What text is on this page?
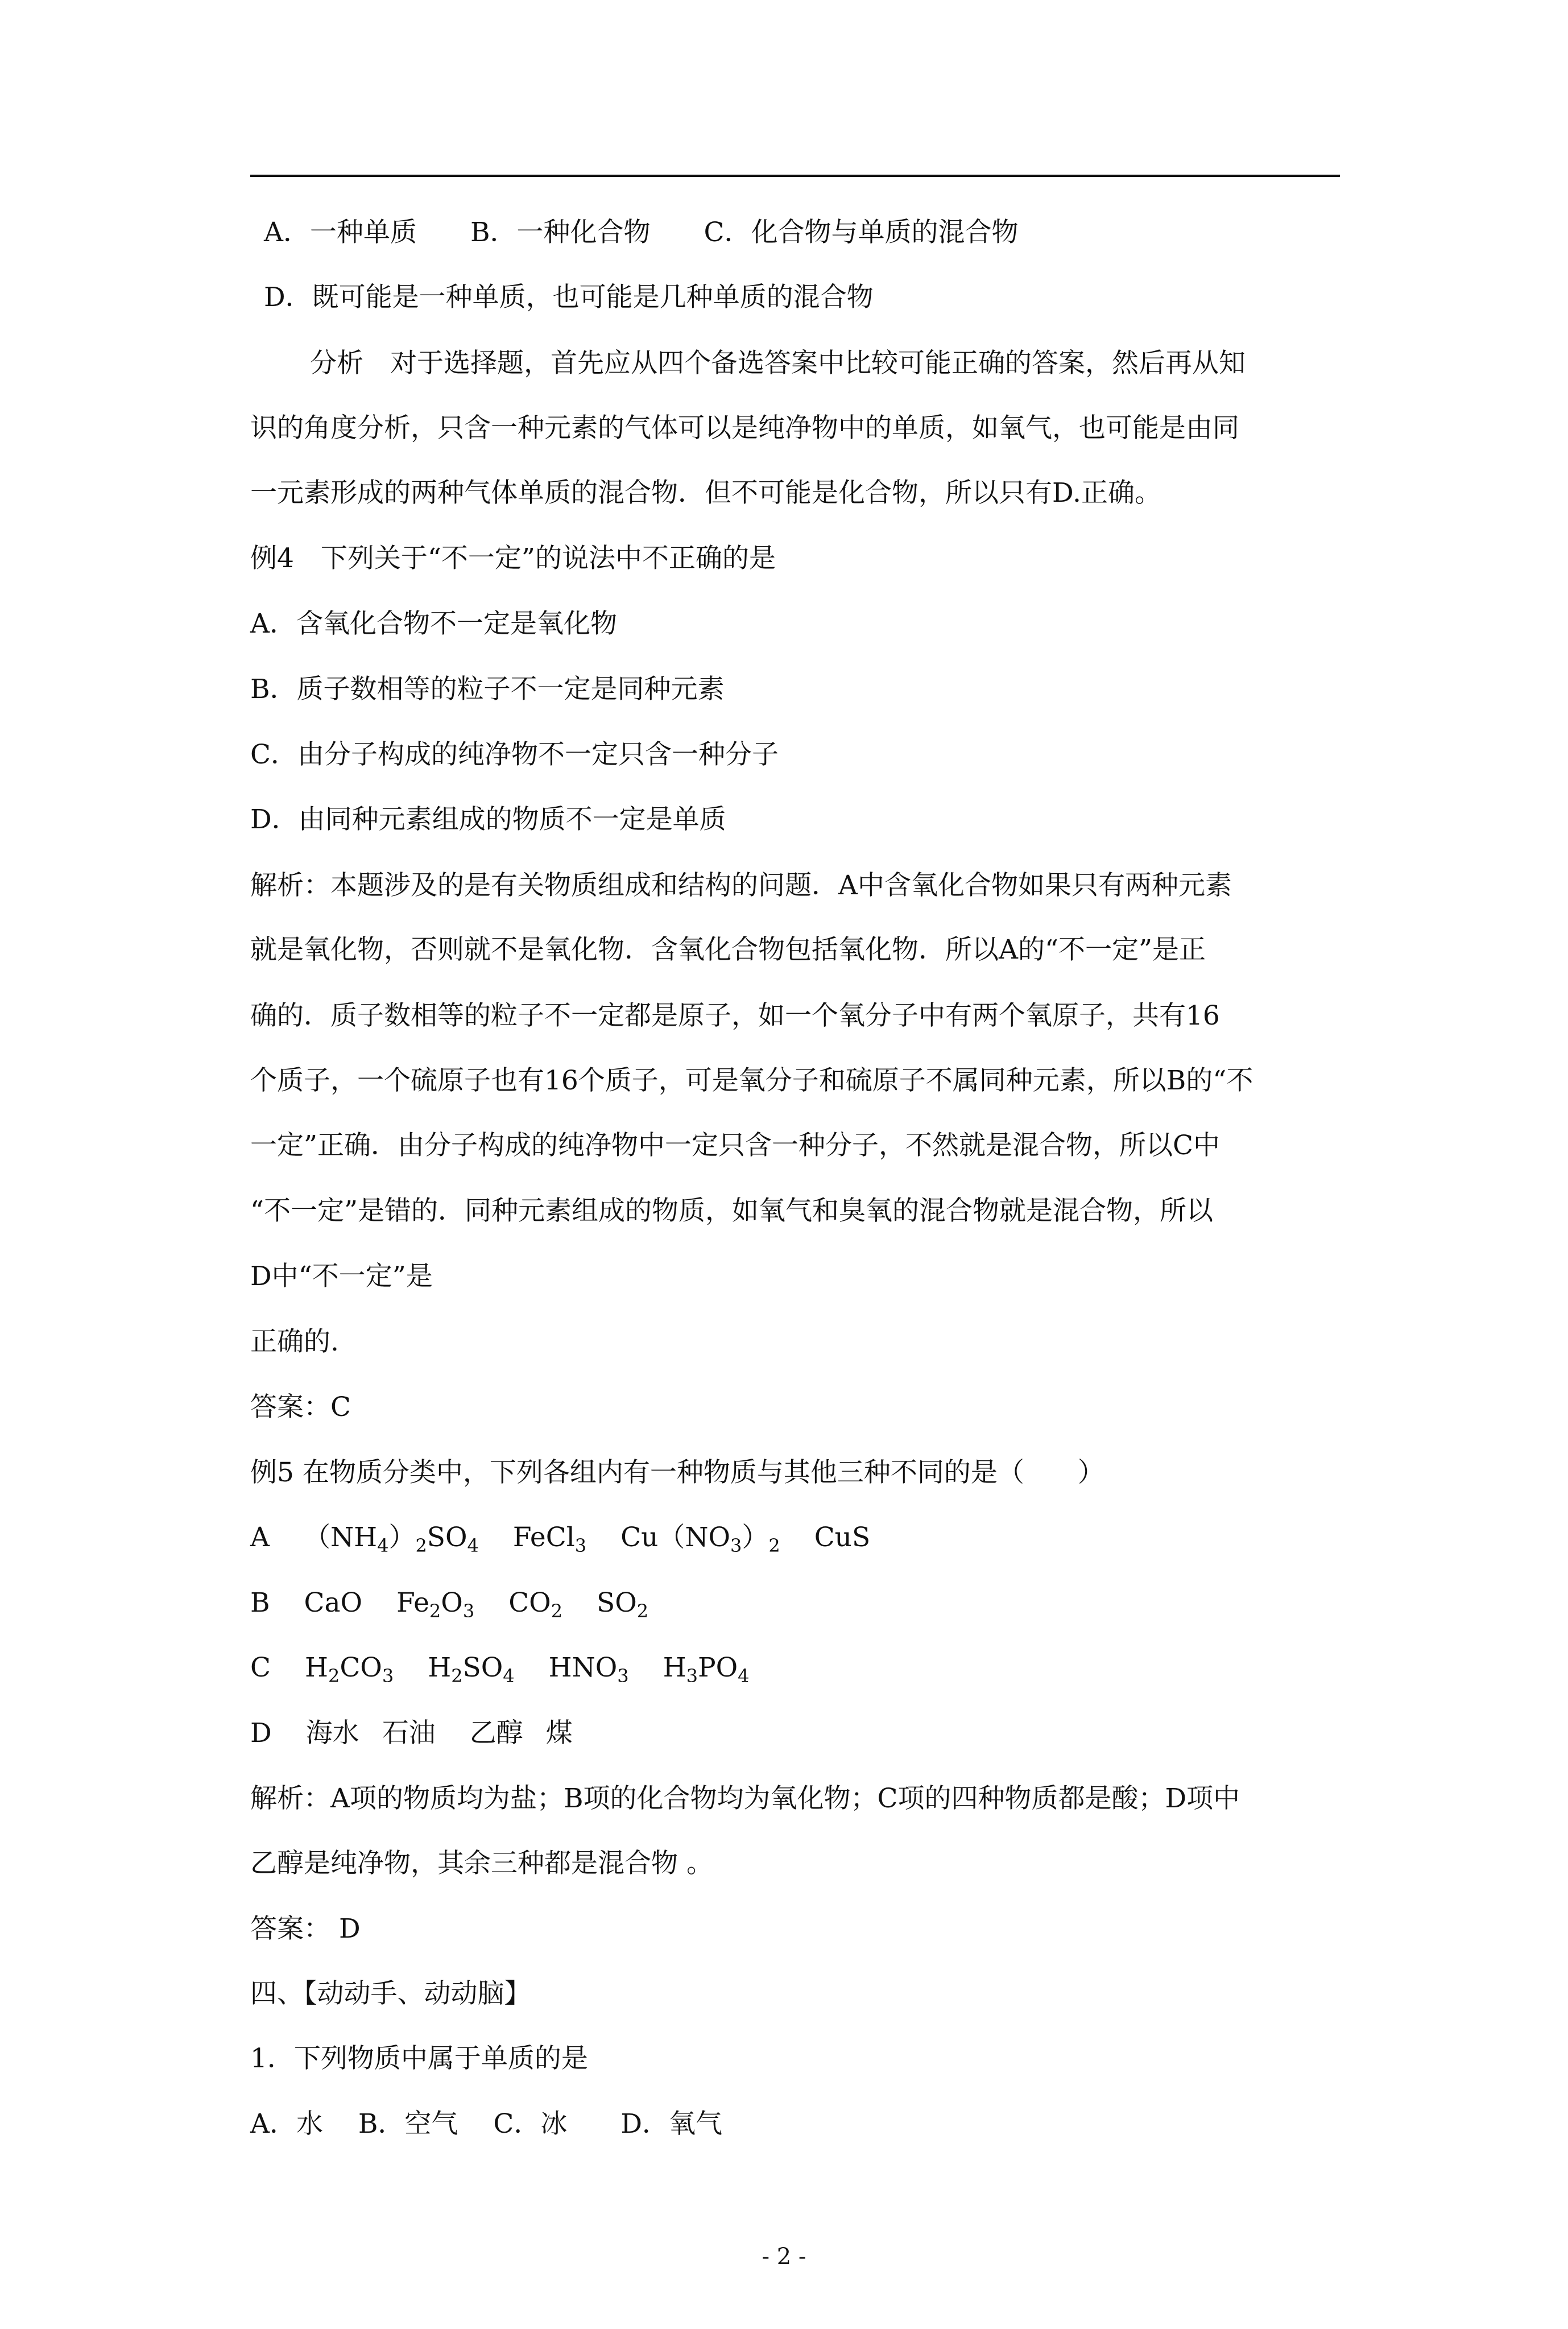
A．一种单质　　B．一种化合物　　C．化合物与单质的混合物
D．既可能是一种单质，也可能是几种单质的混合物
分析　对于选择题，首先应从四个备选答案中比较可能正确的答案，然后再从知
识的角度分析，只含一种元素的气体可以是纯净物中的单质，如氧气，也可能是由同
一元素形成的两种气体单质的混合物．但不可能是化合物，所以只有D.正确。
例4　下列关于“不一定”的说法中不正确的是
A．含氧化合物不一定是氧化物
B．质子数相等的粒子不一定是同种元素
C．由分子构成的纯净物不一定只含一种分子
D．由同种元素组成的物质不一定是单质
解析：本题涉及的是有关物质组成和结构的问题．A中含氧化合物如果只有两种元素
就是氧化物，否则就不是氧化物．含氧化合物包括氧化物．所以A的“不一定”是正
确的．质子数相等的粒子不一定都是原子，如一个氧分子中有两个氧原子，共有16
个质子，一个硫原子也有16个质子，可是氧分子和硫原子不属同种元素，所以B的“不
一定”正确．由分子构成的纯净物中一定只含一种分子，不然就是混合物，所以C中
“不一定”是错的．同种元素组成的物质，如氧气和臭氧的混合物就是混合物，所以
D中“不一定”是
正确的.
答案：C
例5 在物质分类中，下列各组内有一种物质与其他三种不同的是（　　）
A $(NH_4)_2SO_4$ FeCl$_3$ $Cu(NO_3)_2$ CuS
B CaO $Fe_2O_3$ $CO_2$ $SO_2$
C $H_2CO_3$ $H_2SO_4$ $HNO_3$ $H_3PO_4$
D 海水 石油 乙醇 煤
解析：A项的物质均为盐；B项的化合物均为氧化物；C项的四种物质都是酸；D项中
乙醇是纯净物，其余三种都是混合物 。
答案： D
四、【动动手、动动脑】
1．下列物质中属于单质的是
A．水　 B．空气　 C．冰　　D．氧气
- 2 -
